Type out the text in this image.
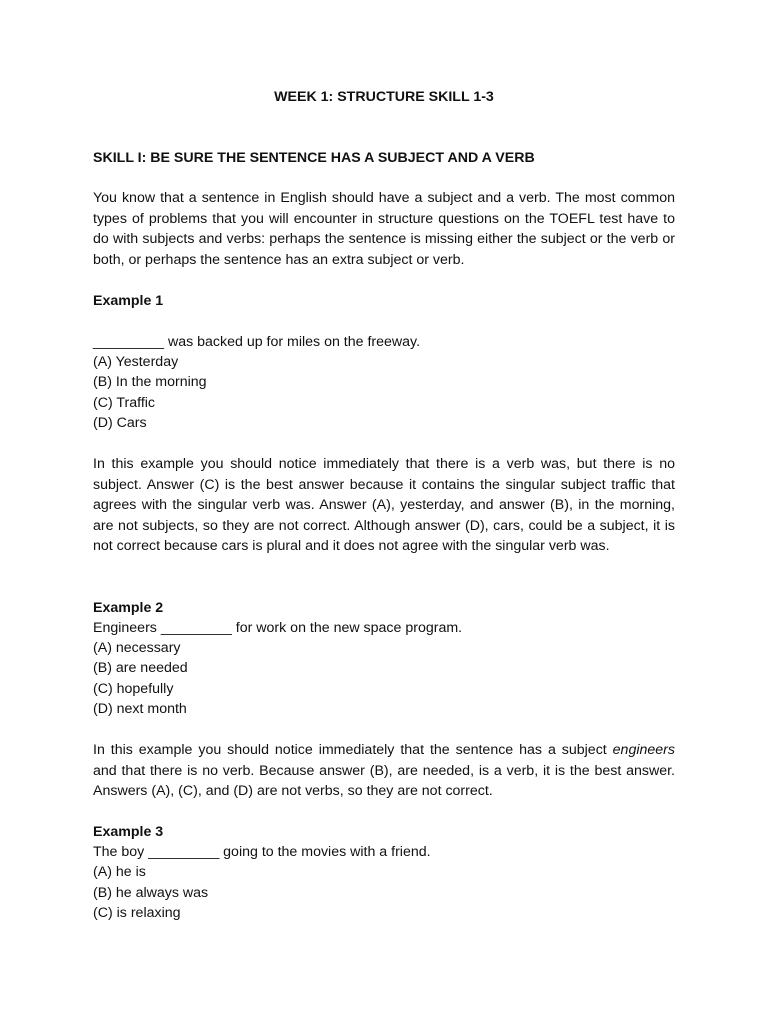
WEEK 1: STRUCTURE SKILL 1-3
SKILL I: BE SURE THE SENTENCE HAS A SUBJECT AND A VERB

You know that a sentence in English should have a subject and a verb. The most common types of problems that you will encounter in structure questions on the TOEFL test have to do with subjects and verbs: perhaps the sentence is missing either the subject or the verb or both, or perhaps the sentence has an extra subject or verb.

Example 1
_________ was backed up for miles on the freeway.
(A) Yesterday
(B) In the morning
(C) Traffic
(D) Cars

In this example you should notice immediately that there is a verb was, but there is no subject. Answer (C) is the best answer because it contains the singular subject traffic that agrees with the singular verb was. Answer (A), yesterday, and answer (B), in the morning, are not subjects, so they are not correct. Although answer (D), cars, could be a subject, it is not correct because cars is plural and it does not agree with the singular verb was.

Example 2
Engineers _________ for work on the new space program.
(A) necessary
(B) are needed
(C) hopefully
(D) next month

In this example you should notice immediately that the sentence has a subject engineers and that there is no verb. Because answer (B), are needed, is a verb, it is the best answer. Answers (A), (C), and (D) are not verbs, so they are not correct.

Example 3
The boy _________ going to the movies with a friend.
(A) he is
(B) he always was
(C) is relaxing
